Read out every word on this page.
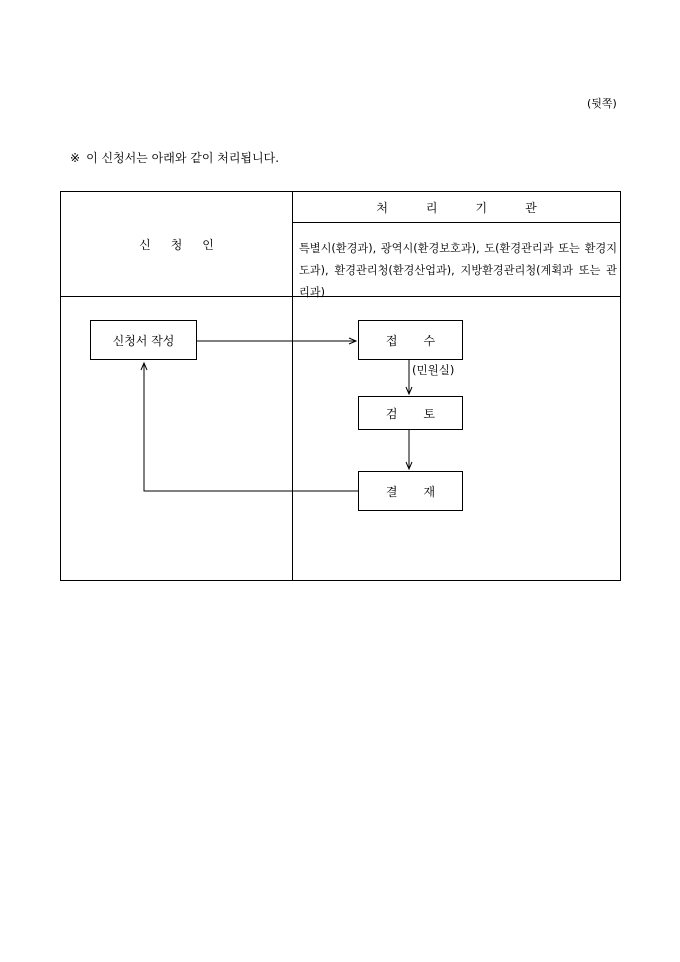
(뒷쪽)
※ 이 신청서는 아래와 같이 처리됩니다.
신청인
처리기관
특별시(환경과), 광역시(환경보호과), 도(환경관리과 또는 환경지도과), 환경관리청(환경산업과), 지방환경관리청(계획과 또는 관리과)
신청서 작성	접수
(민원실)
검토
결재
